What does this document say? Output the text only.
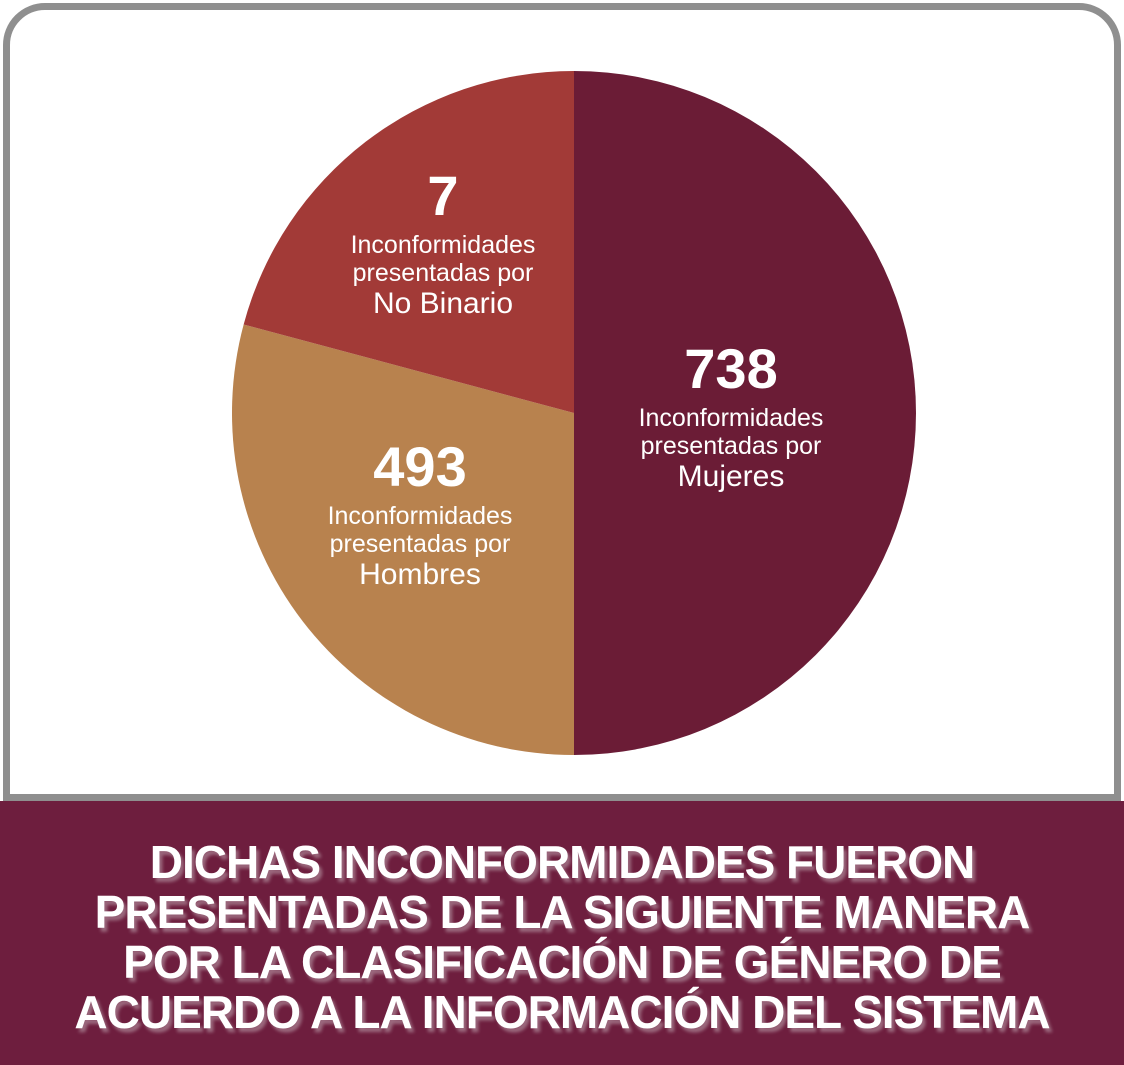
7
Inconformidades
presentadas por
No Binario
738
Inconformidades
presentadas por
Mujeres
493
Inconformidades
presentadas por
Hombres
DICHAS INCONFORMIDADES FUERON
PRESENTADAS DE LA SIGUIENTE MANERA
POR LA CLASIFICACIÓN DE GÉNERO DE
ACUERDO A LA INFORMACIÓN DEL SISTEMA
